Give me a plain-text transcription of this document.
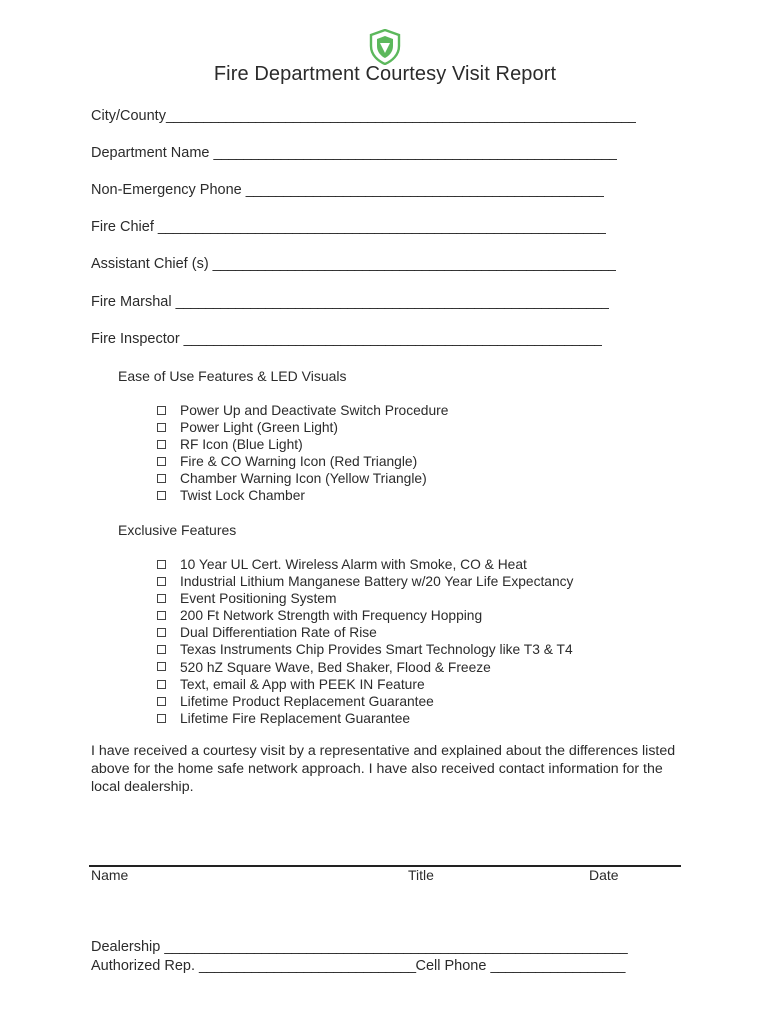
Fire Department Courtesy Visit Report
City/County_______________________________________________________________
Department Name ______________________________________________________
Non-Emergency Phone ________________________________________________
Fire Chief ____________________________________________________________
Assistant Chief (s) ______________________________________________________
Fire Marshal __________________________________________________________
Fire Inspector ________________________________________________________
Ease of Use Features & LED Visuals
Power Up and Deactivate Switch Procedure
Power Light (Green Light)
RF Icon (Blue Light)
Fire & CO Warning Icon (Red Triangle)
Chamber Warning Icon (Yellow Triangle)
Twist Lock Chamber
Exclusive Features
10 Year UL Cert. Wireless Alarm with Smoke, CO & Heat
Industrial Lithium Manganese Battery w/20 Year Life Expectancy
Event Positioning System
200 Ft Network Strength with Frequency Hopping
Dual Differentiation Rate of Rise
Texas Instruments Chip Provides Smart Technology like T3 & T4
520 hZ Square Wave, Bed Shaker, Flood & Freeze
Text, email & App with PEEK IN Feature
Lifetime Product Replacement Guarantee
Lifetime Fire Replacement Guarantee

I have received a courtesy visit by a representative and explained about the differences listed above for the home safe network approach. I have also received contact information for the local dealership.

Name	Title	Date
Dealership ______________________________________________________________
Authorized Rep. _____________________________Cell Phone __________________
